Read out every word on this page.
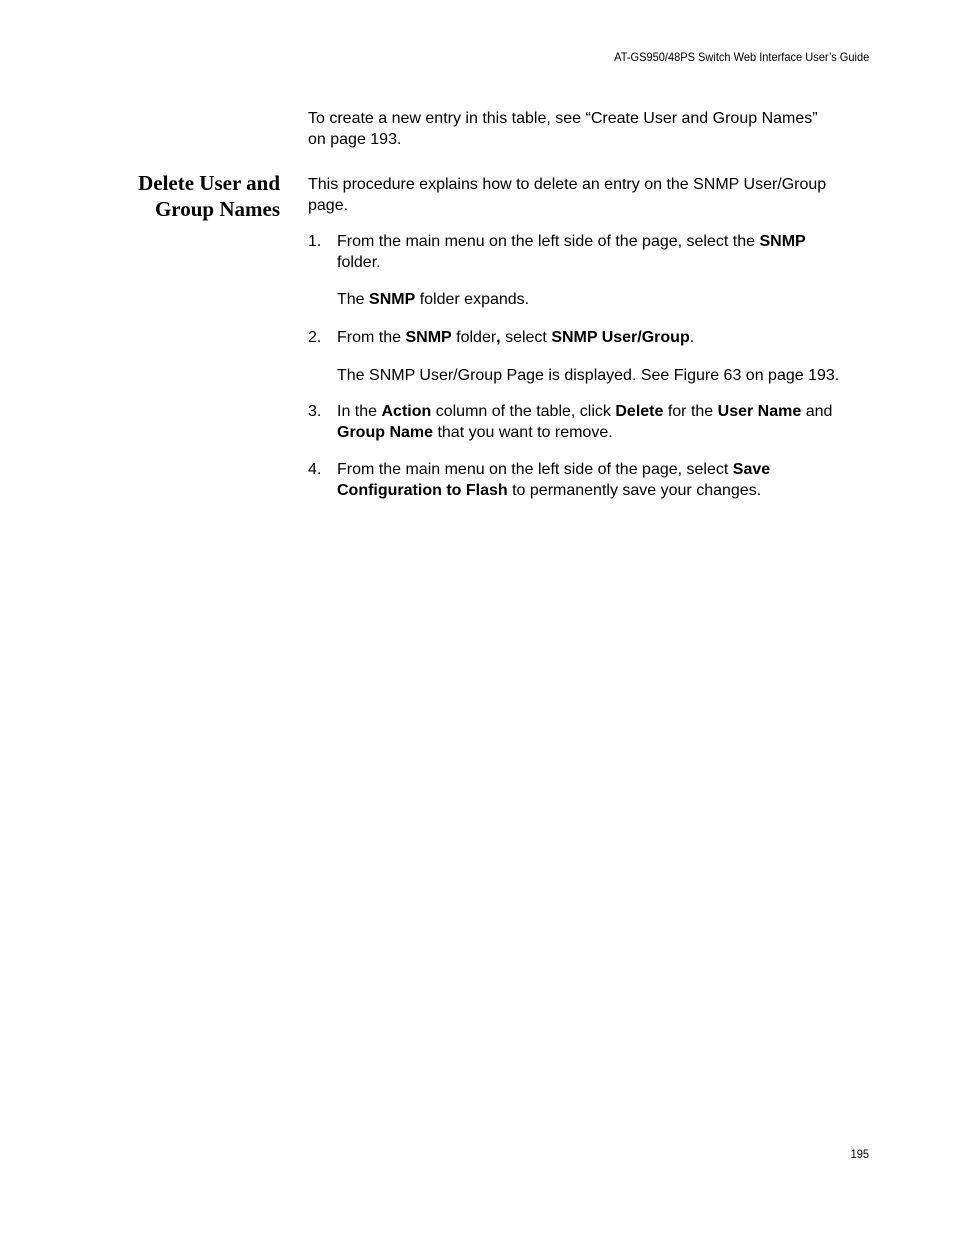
AT-GS950/48PS Switch Web Interface User’s Guide
To create a new entry in this table, see “Create User and Group Names”
on page 193.
Delete User and
Group Names
This procedure explains how to delete an entry on the SNMP User/Group
page.
1. From the main menu on the left side of the page, select the SNMP
folder.
The SNMP folder expands.
2. From the SNMP folder, select SNMP User/Group.
The SNMP User/Group Page is displayed. See Figure 63 on page 193.
3. In the Action column of the table, click Delete for the User Name and
Group Name that you want to remove.
4. From the main menu on the left side of the page, select Save
Configuration to Flash to permanently save your changes.
195
